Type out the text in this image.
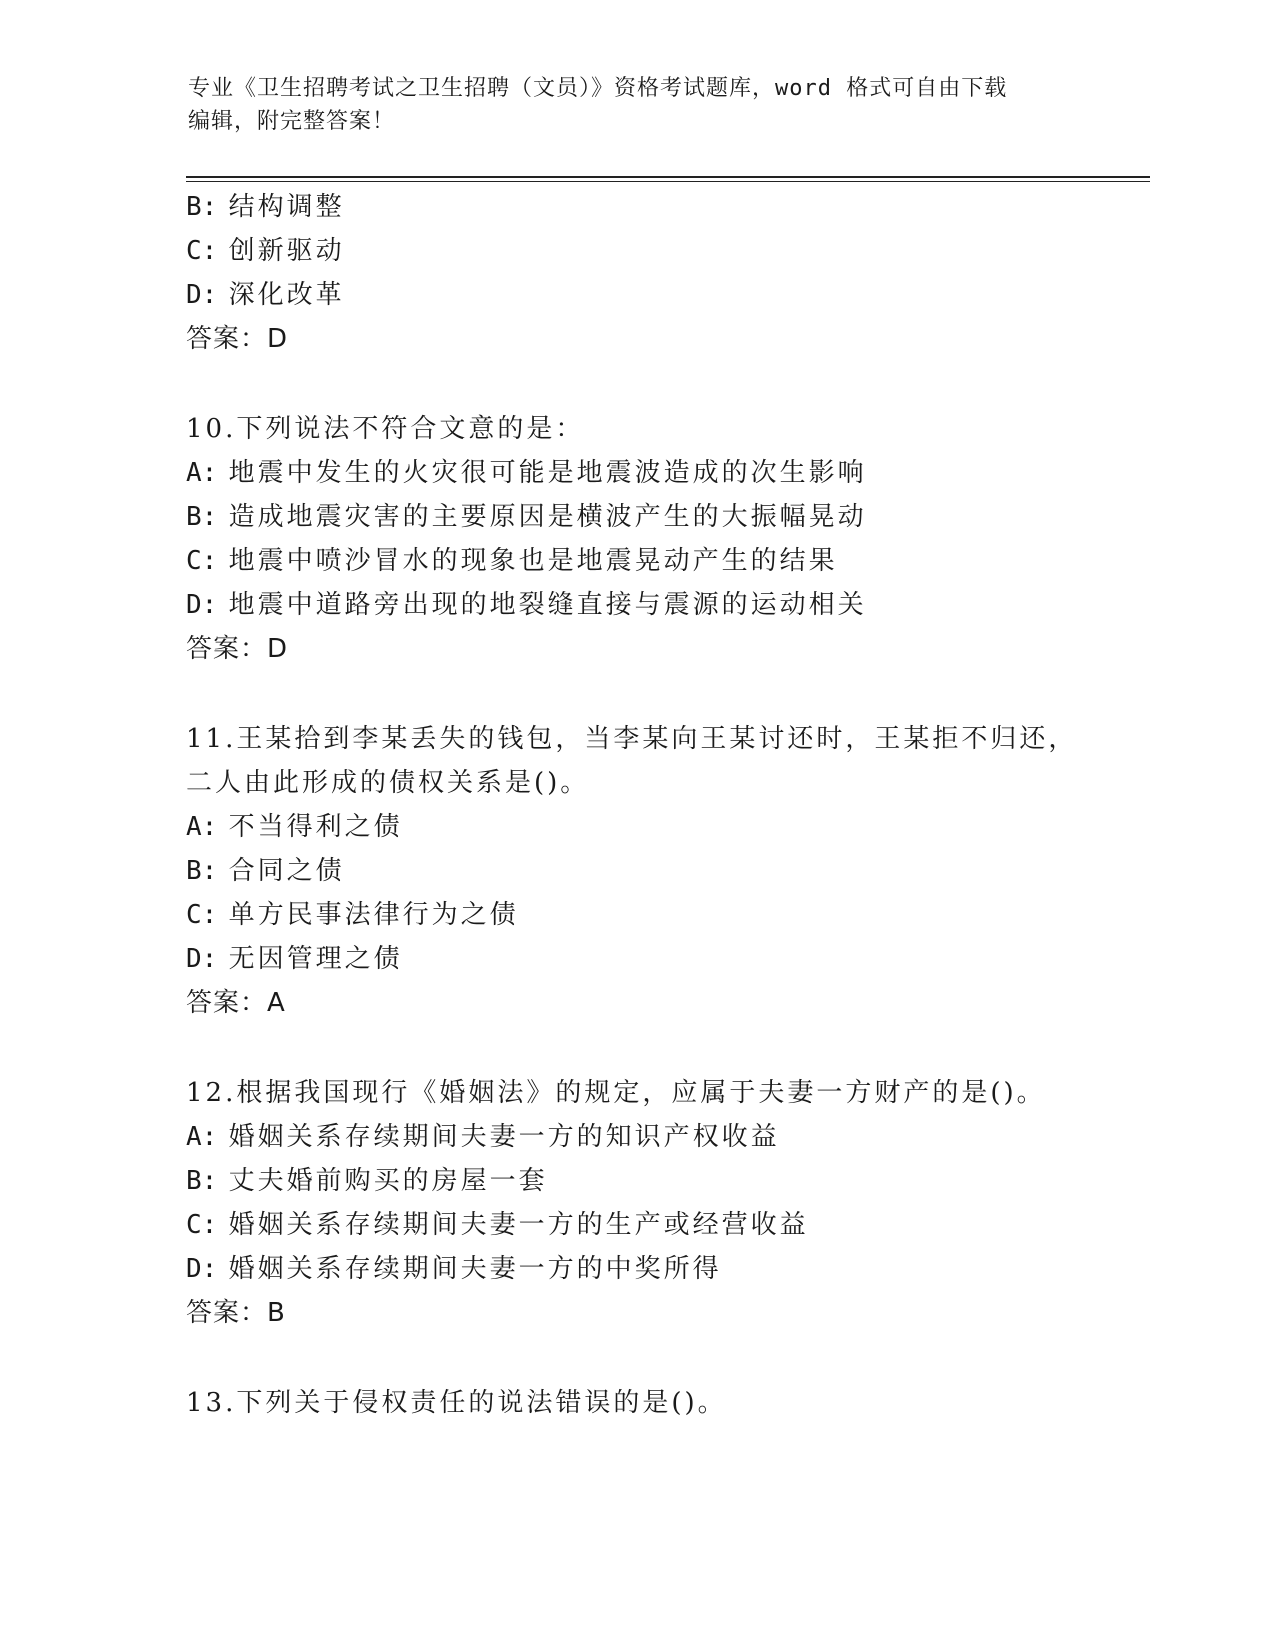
专业《卫生招聘考试之卫生招聘（文员）》资格考试题库，word 格式可自由下载
编辑，附完整答案！
B: 结构调整
C: 创新驱动
D: 深化改革
答案：D
10.下列说法不符合文意的是：
A: 地震中发生的火灾很可能是地震波造成的次生影响
B: 造成地震灾害的主要原因是横波产生的大振幅晃动
C: 地震中喷沙冒水的现象也是地震晃动产生的结果
D: 地震中道路旁出现的地裂缝直接与震源的运动相关
答案：D
11.王某拾到李某丢失的钱包，当李某向王某讨还时，王某拒不归还，
二人由此形成的债权关系是()。
A: 不当得利之债
B: 合同之债
C: 单方民事法律行为之债
D: 无因管理之债
答案：A
12.根据我国现行《婚姻法》的规定，应属于夫妻一方财产的是()。
A: 婚姻关系存续期间夫妻一方的知识产权收益
B: 丈夫婚前购买的房屋一套
C: 婚姻关系存续期间夫妻一方的生产或经营收益
D: 婚姻关系存续期间夫妻一方的中奖所得
答案：B
13.下列关于侵权责任的说法错误的是()。
